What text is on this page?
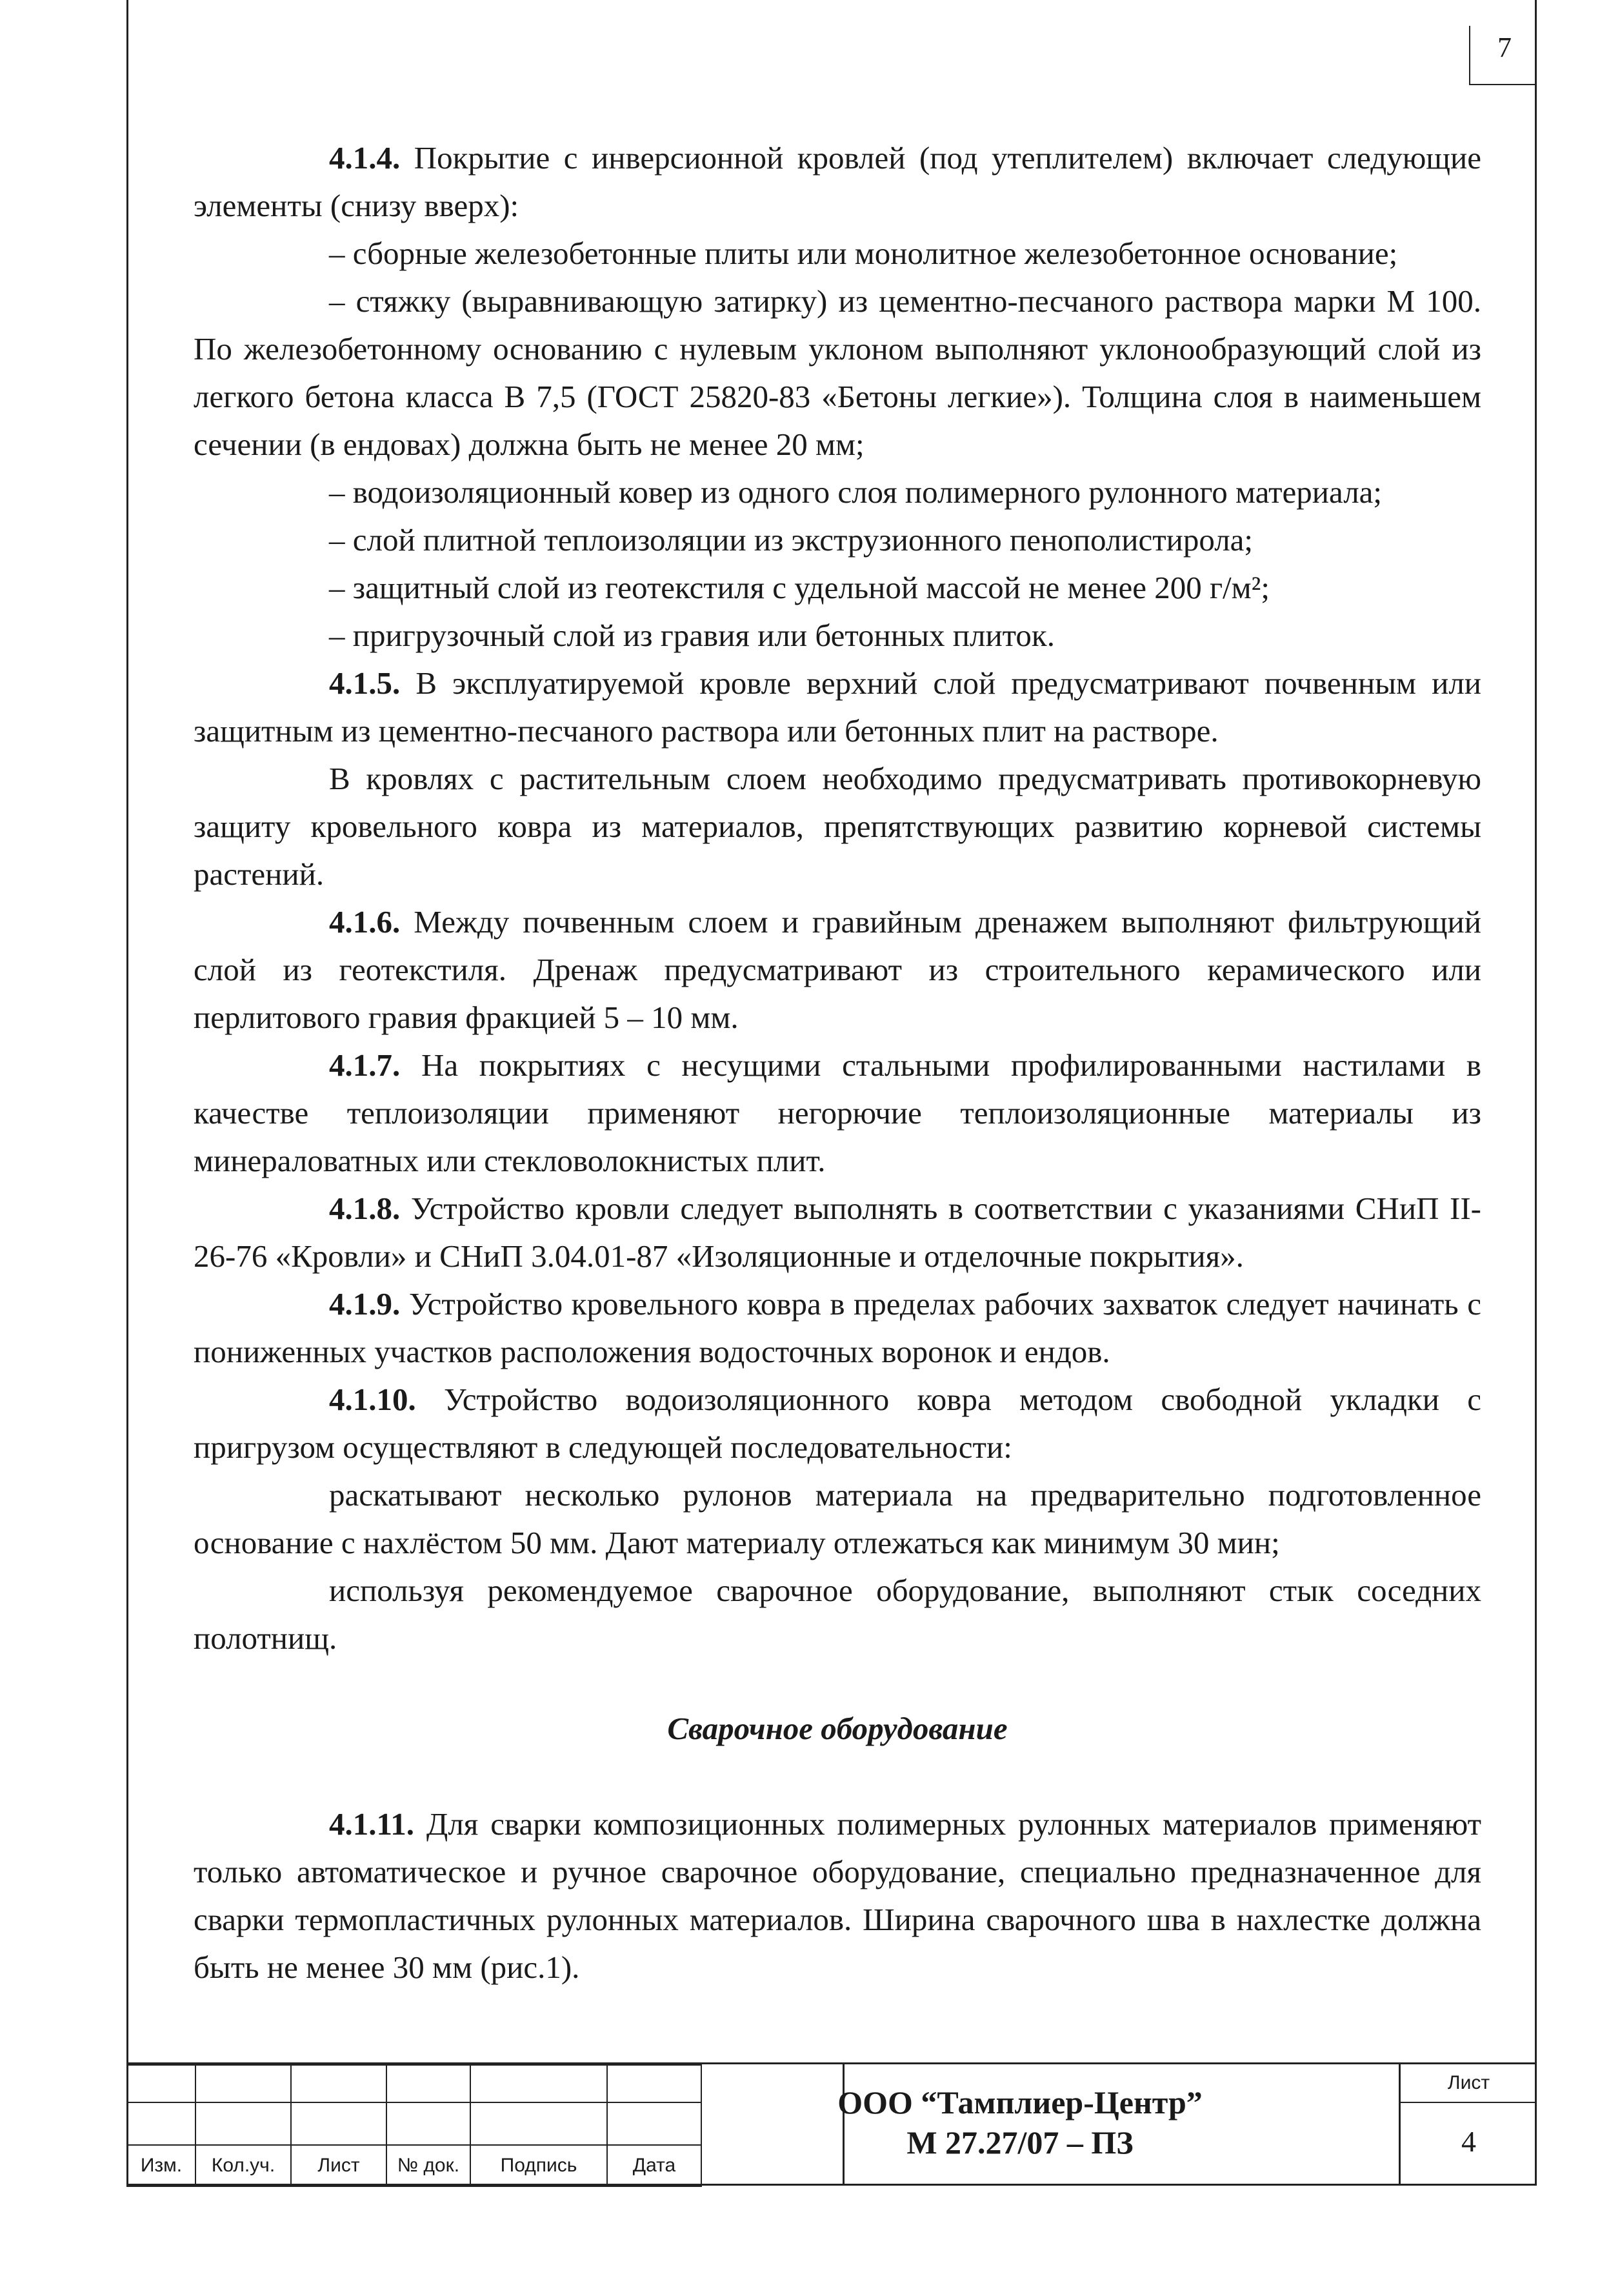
7

4.1.4. Покрытие с инверсионной кровлей (под утеплителем) включает следующие элементы (снизу вверх):

– сборные железобетонные плиты или монолитное железобетонное основание;

– стяжку (выравнивающую затирку) из цементно-песчаного раствора марки М 100. По железобетонному основанию с нулевым уклоном выполняют уклонообразующий слой из легкого бетона класса В 7,5 (ГОСТ 25820-83 «Бетоны легкие»). Толщина слоя в наименьшем сечении (в ендовах) должна быть не менее 20 мм;

– водоизоляционный ковер из одного слоя полимерного рулонного материала;

– слой плитной теплоизоляции из экструзионного пенополистирола;

– защитный слой из геотекстиля с удельной массой не менее 200 г/м²;

– пригрузочный слой из гравия или бетонных плиток.

4.1.5. В эксплуатируемой кровле верхний слой предусматривают почвенным или защитным из цементно-песчаного раствора или бетонных плит на растворе.

В кровлях с растительным слоем необходимо предусматривать противокорневую защиту кровельного ковра из материалов, препятствующих развитию корневой системы растений.

4.1.6. Между почвенным слоем и гравийным дренажем выполняют фильтрующий слой из геотекстиля. Дренаж предусматривают из строительного керамического или перлитового гравия фракцией 5 – 10 мм.

4.1.7. На покрытиях с несущими стальными профилированными настилами в качестве теплоизоляции применяют негорючие теплоизоляционные материалы из минераловатных или стекловолокнистых плит.

4.1.8. Устройство кровли следует выполнять в соответствии с указаниями СНиП II-26-76 «Кровли» и СНиП 3.04.01-87 «Изоляционные и отделочные покрытия».

4.1.9. Устройство кровельного ковра в пределах рабочих захваток следует начинать с пониженных участков расположения водосточных воронок и ендов.

4.1.10. Устройство водоизоляционного ковра методом свободной укладки с пригрузом осуществляют в следующей последовательности:

раскатывают несколько рулонов материала на предварительно подготовленное основание с нахлёстом 50 мм. Дают материалу отлежаться как минимум 30 мин;

используя рекомендуемое сварочное оборудование, выполняют стык соседних полотнищ.

Сварочное оборудование

4.1.11. Для сварки композиционных полимерных рулонных материалов применяют только автоматическое и ручное сварочное оборудование, специально предназначенное для сварки термопластичных рулонных материалов. Ширина сварочного шва в нахлестке должна быть не менее 30 мм (рис.1).

Изм.	Кол.уч.	Лист	№ док.	Подпись	Дата
ООО “Тамплиер-Центр”
М 27.27/07 – ПЗ
Лист
4
